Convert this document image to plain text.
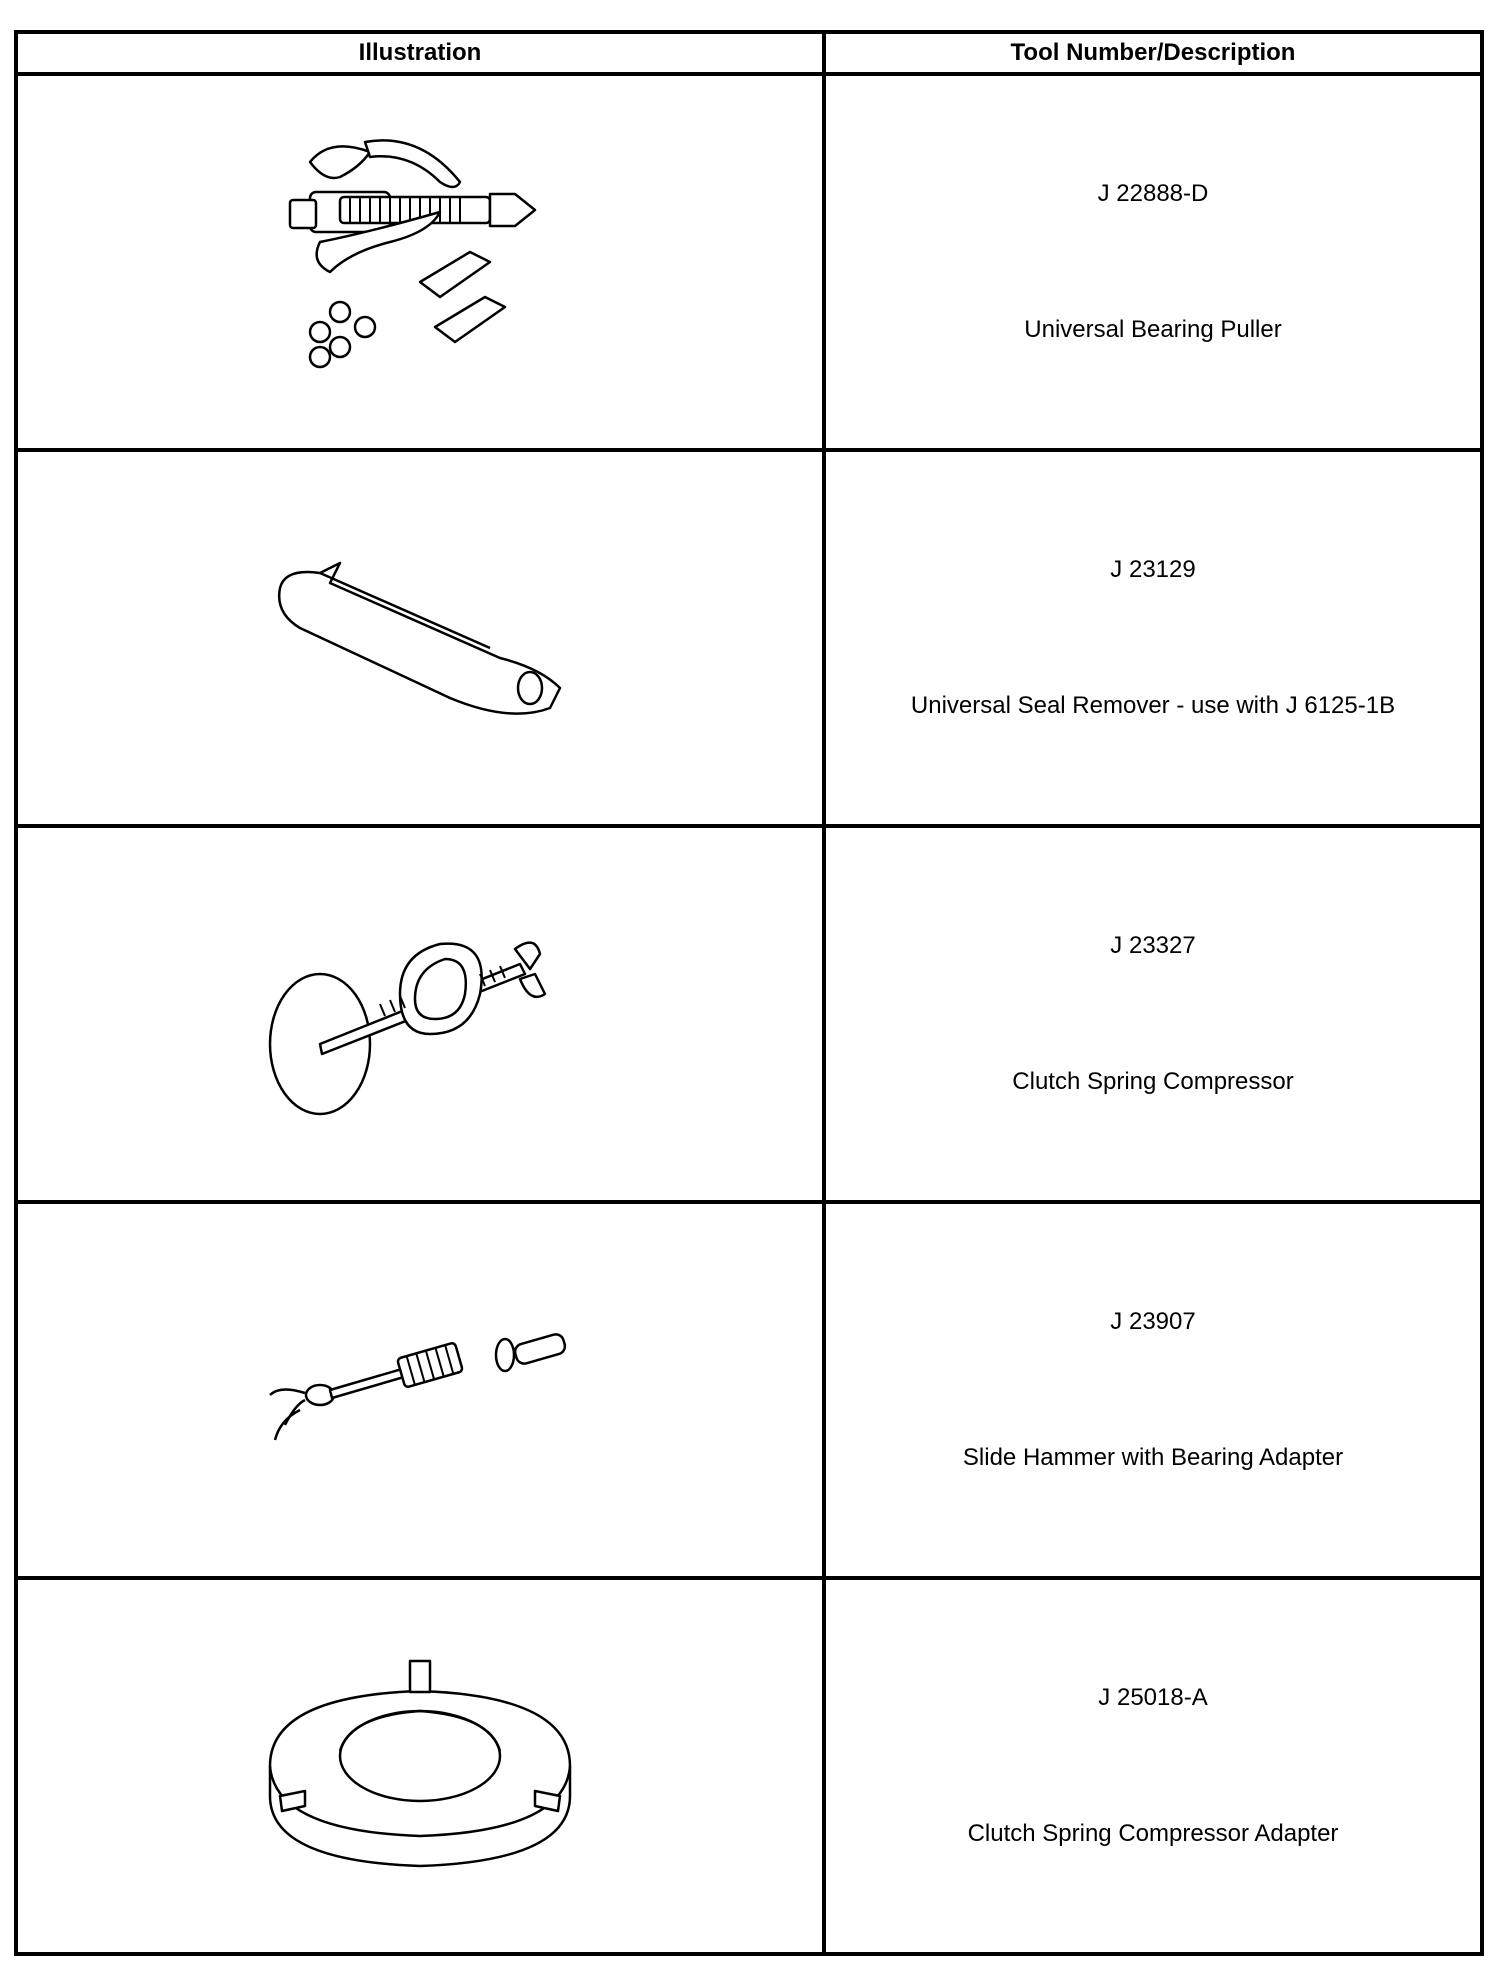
Illustration	Tool Number/Description

J 22888-D
Universal Bearing Puller

J 23129
Universal Seal Remover - use with J 6125-1B

J 23327
Clutch Spring Compressor

J 23907
Slide Hammer with Bearing Adapter

J 25018-A
Clutch Spring Compressor Adapter
